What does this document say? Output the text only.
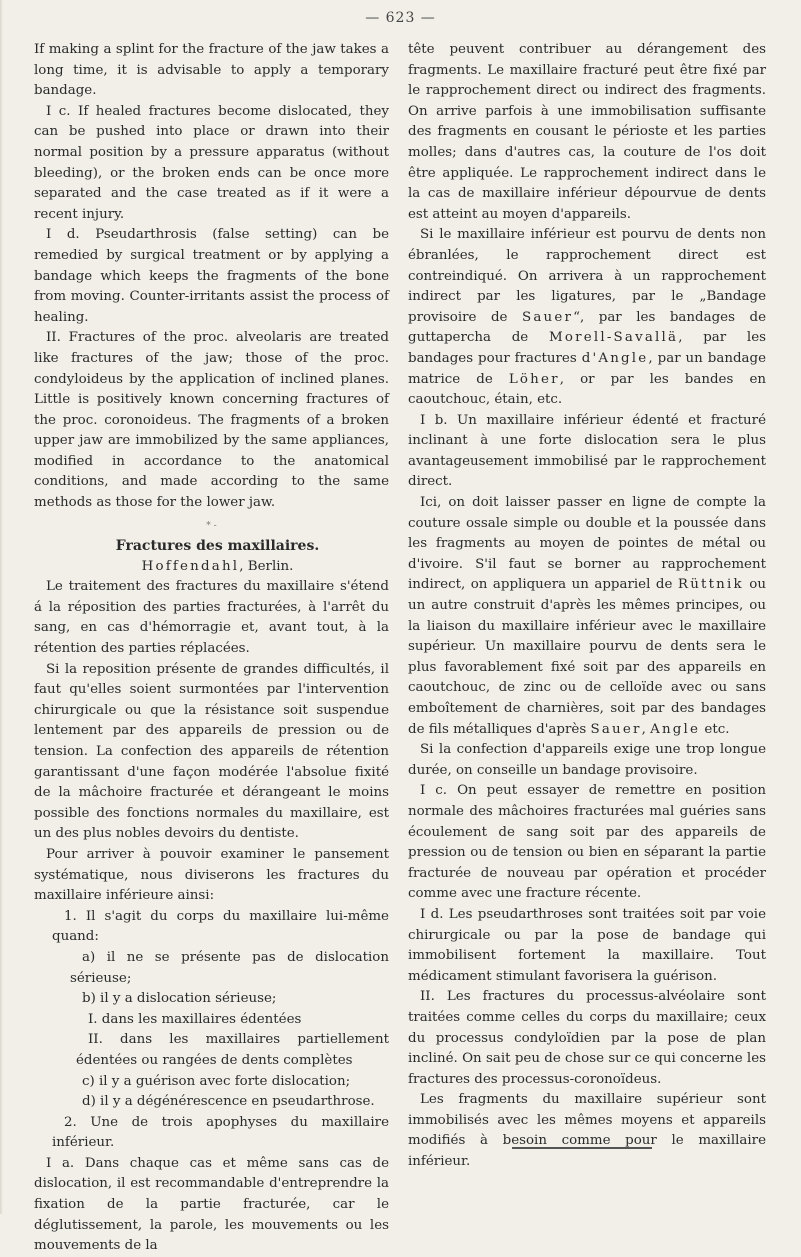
— 623 —

If making a splint for the fracture of the jaw takes a long time, it is advisable to apply a temporary bandage.

I c. If healed fractures become dislocated, they can be pushed into place or drawn into their normal position by a pressure apparatus (without bleeding), or the broken ends can be once more separated and the case treated as if it were a recent injury.

I d. Pseudarthrosis (false setting) can be remedied by surgical treatment or by applying a bandage which keeps the fragments of the bone from moving. Counter-irritants assist the process of healing.

II. Fractures of the proc. alveolaris are treated like fractures of the jaw; those of the proc. condyloideus by the application of inclined planes. Little is positively known concerning fractures of the proc. coronoideus. The fragments of a broken upper jaw are immobilized by the same appliances, modified in accordance to the anatomical conditions, and made according to the same methods as those for the lower jaw.

* -

Fractures des maxillaires.

Hoffendahl, Berlin.

Le traitement des fractures du maxillaire s'étend á la réposition des parties fracturées, à l'arrêt du sang, en cas d'hémorragie et, avant tout, à la rétention des parties réplacées.

Si la reposition présente de grandes difficultés, il faut qu'elles soient surmontées par l'intervention chirurgicale ou que la résistance soit suspendue lentement par des appareils de pression ou de tension. La confection des appareils de rétention garantissant d'une façon modérée l'absolue fixité de la mâchoire fracturée et dérangeant le moins possible des fonctions normales du maxillaire, est un des plus nobles devoirs du dentiste.

Pour arriver à pouvoir examiner le pansement systématique, nous diviserons les fractures du maxillaire inférieure ainsi:

1. Il s'agit du corps du maxillaire lui-même quand:

a) il ne se présente pas de dislocation sérieuse;

b) il y a dislocation sérieuse;

I. dans les maxillaires édentées

II. dans les maxillaires partiellement édentées ou rangées de dents complètes

c) il y a guérison avec forte dislocation;

d) il y a dégénérescence en pseudarthrose.

2. Une de trois apophyses du maxillaire inférieur.

I a. Dans chaque cas et même sans cas de dislocation, il est recommandable d'entreprendre la fixation de la partie fracturée, car le déglutissement, la parole, les mouvements ou les mouvements de la

tête peuvent contribuer au dérangement des fragments. Le maxillaire fracturé peut être fixé par le rapprochement direct ou indirect des fragments. On arrive parfois à une immobilisation suffisante des fragments en cousant le périoste et les parties molles; dans d'autres cas, la couture de l'os doit être appliquée. Le rapprochement indirect dans le la cas de maxillaire inférieur dépourvue de dents est atteint au moyen d'appareils.

Si le maxillaire inférieur est pourvu de dents non ébranlées, le rapprochement direct est contreindiqué. On arrivera à un rapprochement indirect par les ligatures, par le „Bandage provisoire de Sauer“, par les bandages de guttapercha de Morell-Savallä, par les bandages pour fractures d'Angle, par un bandage matrice de Löher, or par les bandes en caoutchouc, étain, etc.

I b. Un maxillaire inférieur édenté et fracturé inclinant à une forte dislocation sera le plus avantageusement immobilisé par le rapprochement direct.

Ici, on doit laisser passer en ligne de compte la couture ossale simple ou double et la poussée dans les fragments au moyen de pointes de métal ou d'ivoire. S'il faut se borner au rapprochement indirect, on appliquera un appariel de Rüttnik ou un autre construit d'après les mêmes principes, ou la liaison du maxillaire inférieur avec le maxillaire supérieur. Un maxillaire pourvu de dents sera le plus favorablement fixé soit par des appareils en caoutchouc, de zinc ou de celloïde avec ou sans emboîtement de charnières, soit par des bandages de fils métalliques d'après Sauer, Angle etc.

Si la confection d'appareils exige une trop longue durée, on conseille un bandage provisoire.

I c. On peut essayer de remettre en position normale des mâchoires fracturées mal guéries sans écoulement de sang soit par des appareils de pression ou de tension ou bien en séparant la partie fracturée de nouveau par opération et procéder comme avec une fracture récente.

I d. Les pseudarthroses sont traitées soit par voie chirurgicale ou par la pose de bandage qui immobilisent fortement la maxillaire. Tout médicament stimulant favorisera la guérison.

II. Les fractures du processus-alvéolaire sont traitées comme celles du corps du maxillaire; ceux du processus condyloïdien par la pose de plan incliné. On sait peu de chose sur ce qui concerne les fractures des processus-coronoïdeus.

Les fragments du maxillaire supérieur sont immobilisés avec les mêmes moyens et appareils modifiés à besoin comme pour le maxillaire inférieur.
